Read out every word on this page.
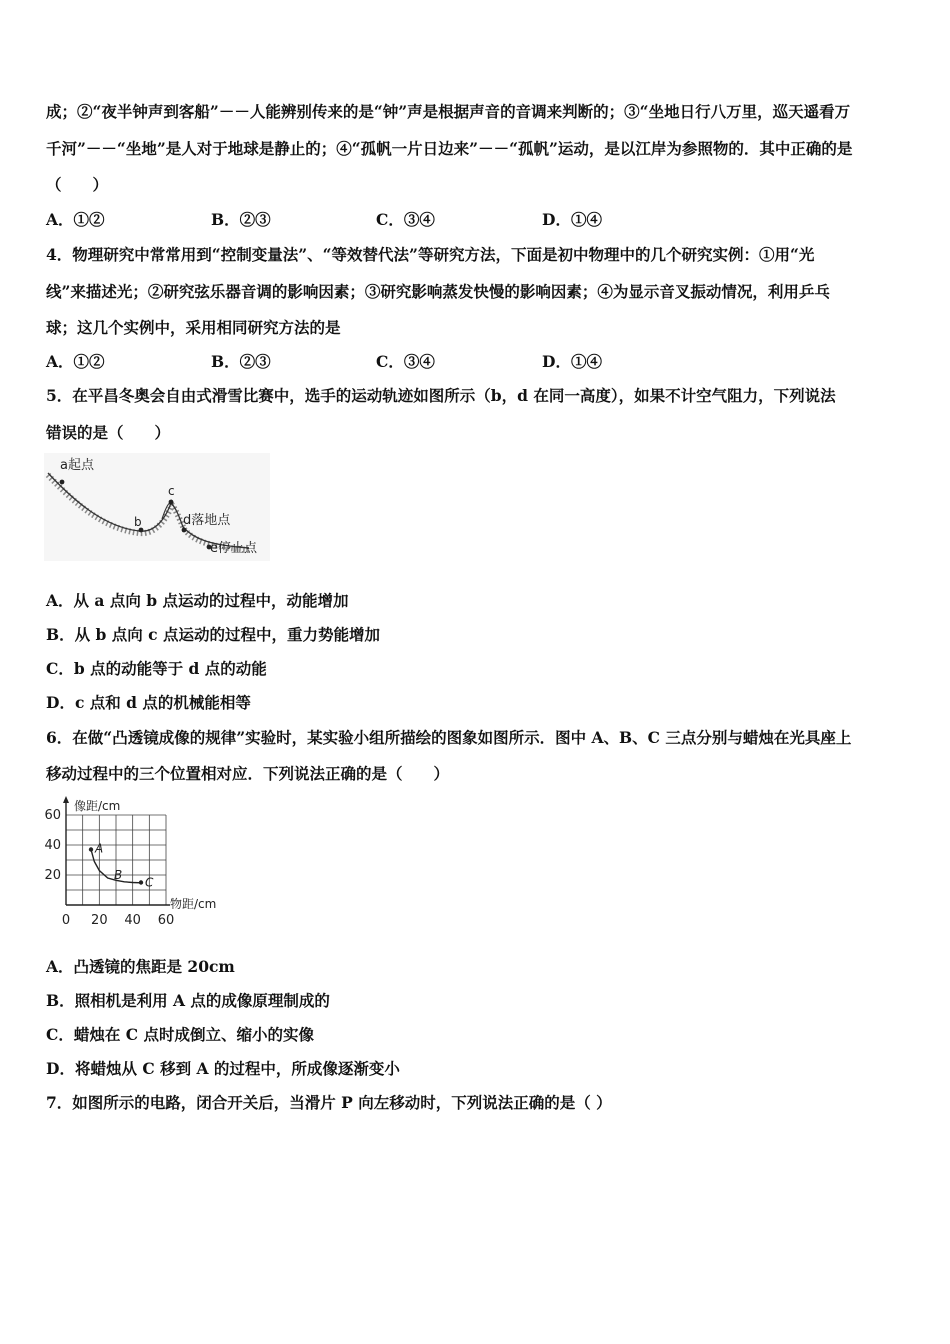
成；②“夜半钟声到客船”－－人能辨别传来的是“钟”声是根据声音的音调来判断的；③“坐地日行八万里，巡天遥看万
千河”－－“坐地”是人对于地球是静止的；④“孤帆一片日边来”－－“孤帆”运动，是以江岸为参照物的．其中正确的是
（　　）
A．①②	B．②③	C．③④	D．①④
4．物理研究中常常用到“控制变量法”、“等效替代法”等研究方法，下面是初中物理中的几个研究实例：①用“光
线”来描述光；②研究弦乐器音调的影响因素；③研究影响蒸发快慢的影响因素；④为显示音叉振动情况，利用乒乓
球；这几个实例中，采用相同研究方法的是
A．①②	B．②③	C．③④	D．①④
5．在平昌冬奥会自由式滑雪比赛中，选手的运动轨迹如图所示（b，d 在同一高度），如果不计空气阻力，下列说法
错误的是（　　）
a起点
b
c
d落地点
e停止点
A．从 a 点向 b 点运动的过程中，动能增加
B．从 b 点向 c 点运动的过程中，重力势能增加
C．b 点的动能等于 d 点的动能
D．c 点和 d 点的机械能相等
6．在做“凸透镜成像的规律”实验时，某实验小组所描绘的图象如图所示．图中 A、B、C 三点分别与蜡烛在光具座上
移动过程中的三个位置相对应．下列说法正确的是（　　）
像距/cm
物距/cm
0 20 40 60
20
40
60
A
B
C
A．凸透镜的焦距是 20cm
B．照相机是利用 A 点的成像原理制成的
C．蜡烛在 C 点时成倒立、缩小的实像
D．将蜡烛从 C 移到 A 的过程中，所成像逐渐变小
7．如图所示的电路，闭合开关后，当滑片 P 向左移动时，下列说法正确的是（ ）
